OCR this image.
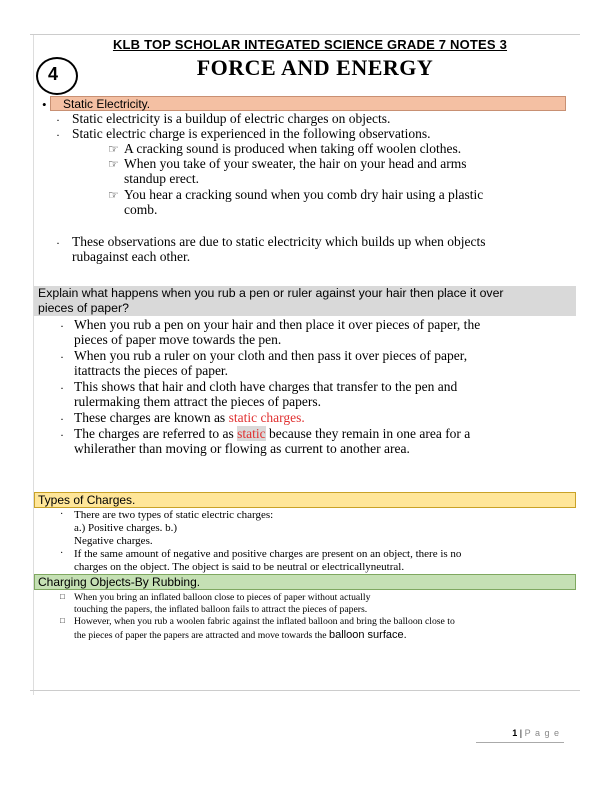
KLB TOP SCHOLAR INTEGATED SCIENCE GRADE 7 NOTES 3
4	FORCE AND ENERGY
Static Electricity.
•
· Static electricity is a buildup of electric charges on objects.
· Static electric charge is experienced in the following observations.
☞ A cracking sound is produced when taking off woolen clothes.
☞ When you take of your sweater, the hair on your head and arms
standup erect.
☞ You hear a cracking sound when you comb dry hair using a plastic
comb.
· These observations are due to static electricity which builds up when objects
rubagainst each other.
Explain what happens when you rub a pen or ruler against your hair then place it over
pieces of paper?
· When you rub a pen on your hair and then place it over pieces of paper, the
pieces of paper move towards the pen.
· When you rub a ruler on your cloth and then pass it over pieces of paper,
itattracts the pieces of paper.
· This shows that hair and cloth have charges that transfer to the pen and
rulermaking them attract the pieces of papers.
· These charges are known as static charges.
· The charges are referred to as static because they remain in one area for a
whilerather than moving or flowing as current to another area.
Types of Charges.
· There are two types of static electric charges:
a.) Positive charges. b.)
Negative charges.
· If the same amount of negative and positive charges are present on an object, there is no
charges on the object. The object is said to be neutral or electricallyneutral.
Charging Objects-By Rubbing.
□ When you bring an inflated balloon close to pieces of paper without actually
touching the papers, the inflated balloon fails to attract the pieces of papers.
□ However, when you rub a woolen fabric against the inflated balloon and bring the balloon close to
the pieces of paper the papers are attracted and move towards the balloon surface.
1 | P a g e
